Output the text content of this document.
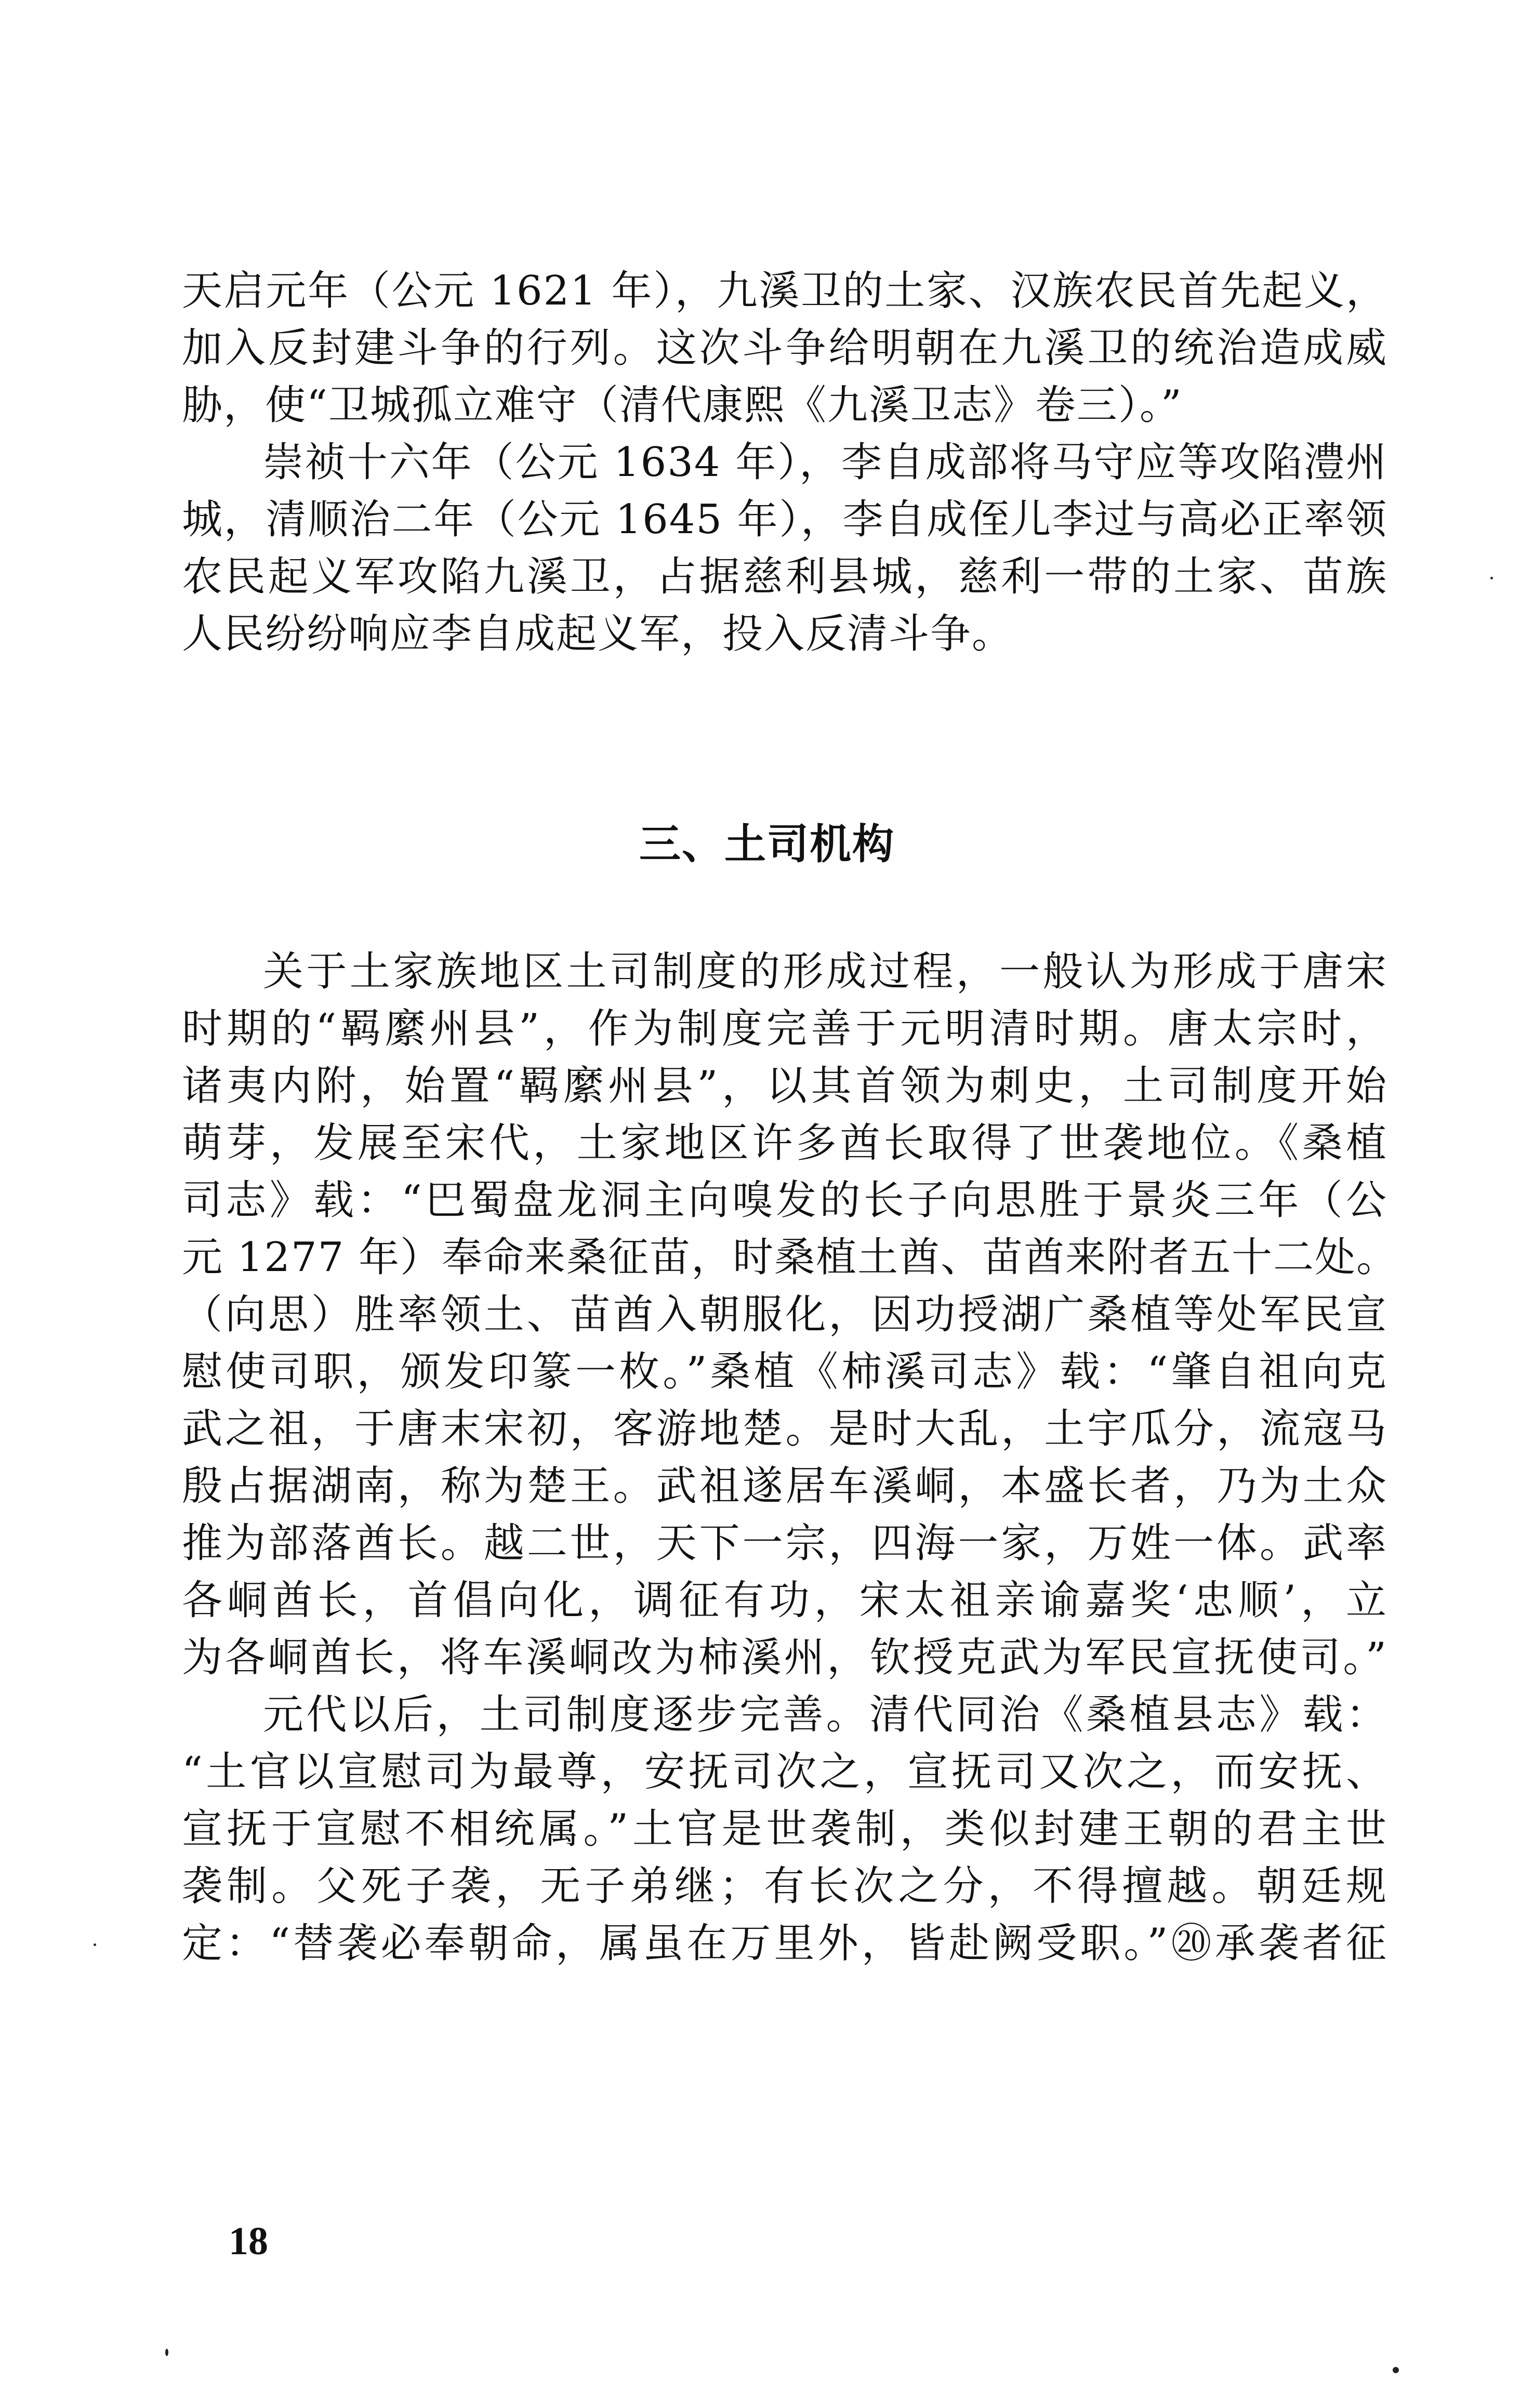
天启元年（公元 1621 年），九溪卫的土家、汉族农民首先起义，
加入反封建斗争的行列。这次斗争给明朝在九溪卫的统治造成威
胁，使“卫城孤立难守（清代康熙《九溪卫志》卷三）。”
崇祯十六年（公元 1634 年），李自成部将马守应等攻陷澧州
城，清顺治二年（公元 1645 年），李自成侄儿李过与高必正率领
农民起义军攻陷九溪卫，占据慈利县城，慈利一带的土家、苗族
人民纷纷响应李自成起义军，投入反清斗争。
三、土司机构
关于土家族地区土司制度的形成过程，一般认为形成于唐宋
时期的“羁縻州县”，作为制度完善于元明清时期。唐太宗时，
诸夷内附，始置“羁縻州县”，以其首领为刺史，土司制度开始
萌芽，发展至宋代，土家地区许多酋长取得了世袭地位。《桑植
司志》载：“巴蜀盘龙洞主向嗅发的长子向思胜于景炎三年（公
元 1277 年）奉命来桑征苗，时桑植土酋、苗酋来附者五十二处。
（向思）胜率领土、苗酋入朝服化，因功授湖广桑植等处军民宣
慰使司职，颁发印篆一枚。”桑植《柿溪司志》载：“肇自祖向克
武之祖，于唐末宋初，客游地楚。是时大乱，土宇瓜分，流寇马
殷占据湖南，称为楚王。武祖遂居车溪峒，本盛长者，乃为土众
推为部落酋长。越二世，天下一宗，四海一家，万姓一体。武率
各峒酋长，首倡向化，调征有功，宋太祖亲谕嘉奖‘忠顺’，立
为各峒酋长，将车溪峒改为柿溪州，钦授克武为军民宣抚使司。”
元代以后，土司制度逐步完善。清代同治《桑植县志》载：
“土官以宣慰司为最尊，安抚司次之，宣抚司又次之，而安抚、
宣抚于宣慰不相统属。”土官是世袭制，类似封建王朝的君主世
袭制。父死子袭，无子弟继；有长次之分，不得擅越。朝廷规
定：“替袭必奉朝命，属虽在万里外，皆赴阙受职。”⑳承袭者征
18
